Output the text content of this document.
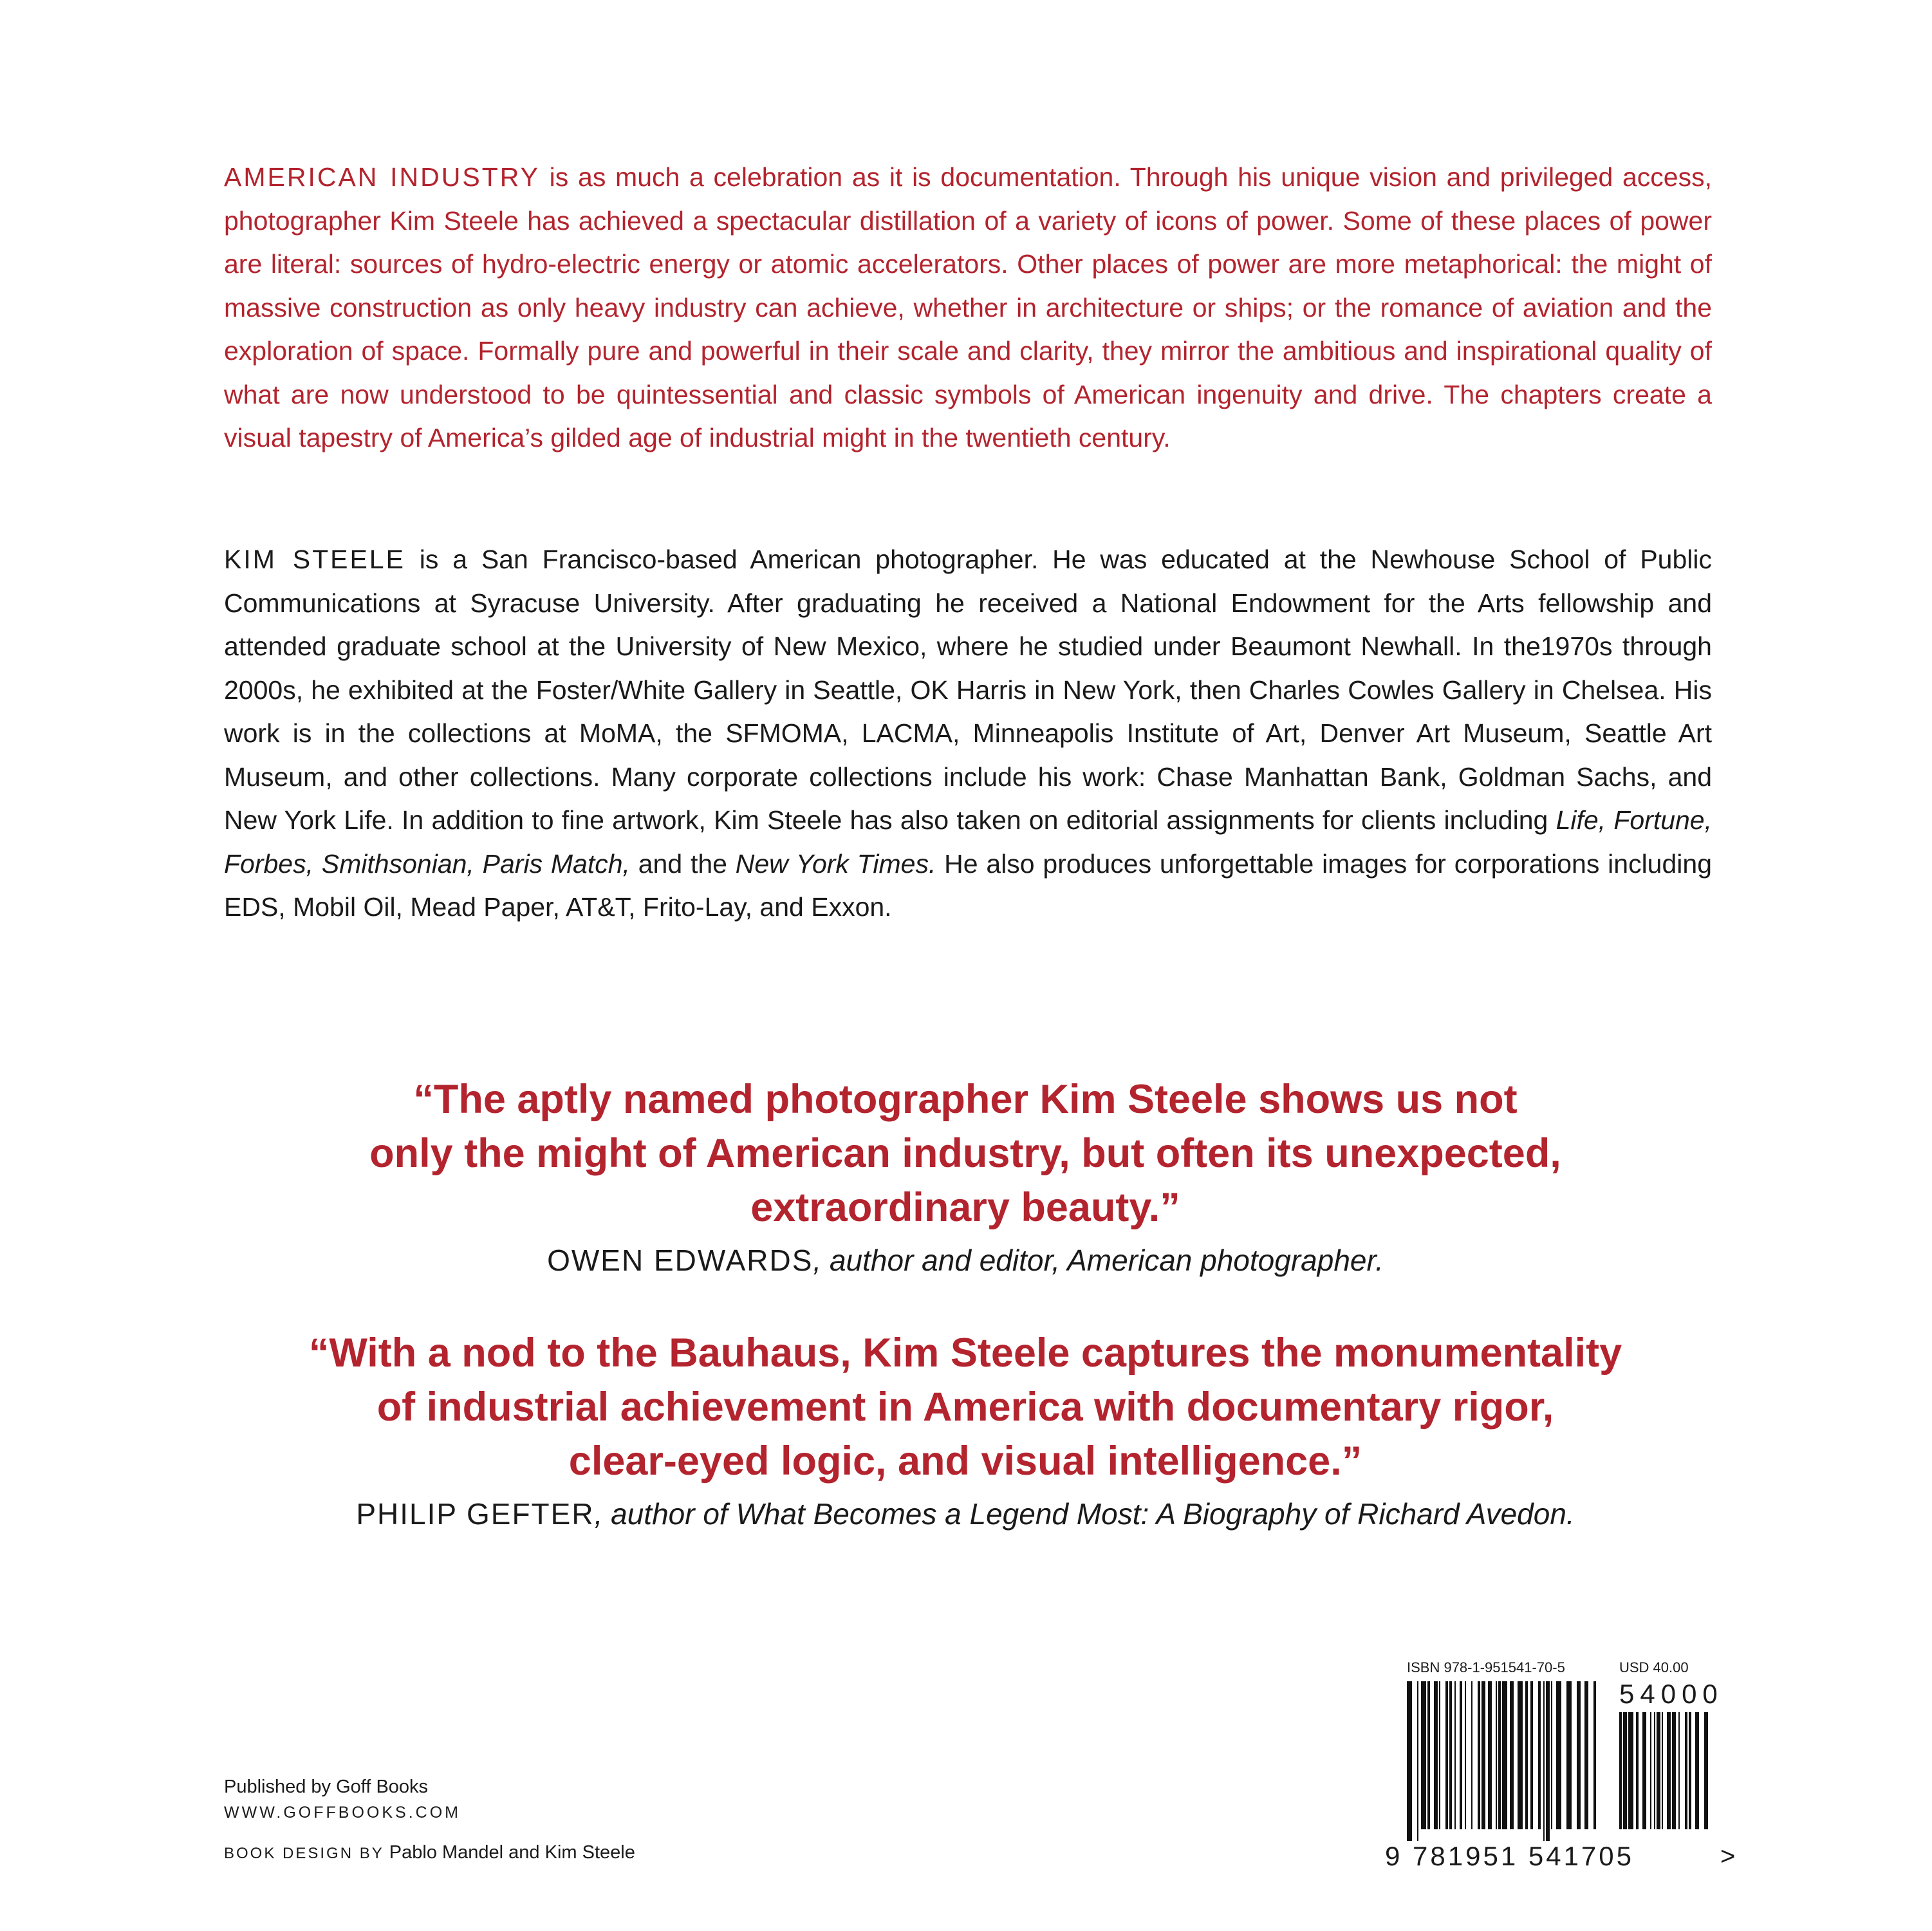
AMERICAN INDUSTRY is as much a celebration as it is documentation. Through his unique vision and privileged access, photographer Kim Steele has achieved a spectacular distillation of a variety of icons of power. Some of these places of power are literal: sources of hydro-electric energy or atomic accelerators. Other places of power are more metaphorical: the might of massive construction as only heavy industry can achieve, whether in architecture or ships; or the romance of aviation and the exploration of space. Formally pure and powerful in their scale and clarity, they mirror the ambitious and inspirational quality of what are now understood to be quintessential and classic symbols of American ingenuity and drive. The chapters create a visual tapestry of America’s gilded age of industrial might in the twentieth century.

KIM STEELE is a San Francisco-based American photographer. He was educated at the Newhouse School of Public Communications at Syracuse University. After graduating he received a National Endowment for the Arts fellowship and attended graduate school at the University of New Mexico, where he studied under Beaumont Newhall. In the1970s through 2000s, he exhibited at the Foster/White Gallery in Seattle, OK Harris in New York, then Charles Cowles Gallery in Chelsea. His work is in the collections at MoMA, the SFMOMA, LACMA, Minneapolis Institute of Art, Denver Art Museum, Seattle Art Museum, and other collections. Many corporate collections include his work: Chase Manhattan Bank, Goldman Sachs, and New York Life. In addition to fine artwork, Kim Steele has also taken on editorial assignments for clients including Life, Fortune, Forbes, Smithsonian, Paris Match, and the New York Times. He also produces unforgettable images for corporations including EDS, Mobil Oil, Mead Paper, AT&T, Frito-Lay, and Exxon.

“The aptly named photographer Kim Steele shows us not
only the might of American industry, but often its unexpected,
extraordinary beauty.”

OWEN EDWARDS, author and editor, American photographer.

“With a nod to the Bauhaus, Kim Steele captures the monumentality
of industrial achievement in America with documentary rigor,
clear-eyed logic, and visual intelligence.”

PHILIP GEFTER, author of What Becomes a Legend Most: A Biography of Richard Avedon.

Published by Goff Books
WWW.GOFFBOOKS.COM
BOOK DESIGN BY Pablo Mandel and Kim Steele
ISBN 978-1-951541-70-5	USD 40.00
54000
9 781951 541705	>
